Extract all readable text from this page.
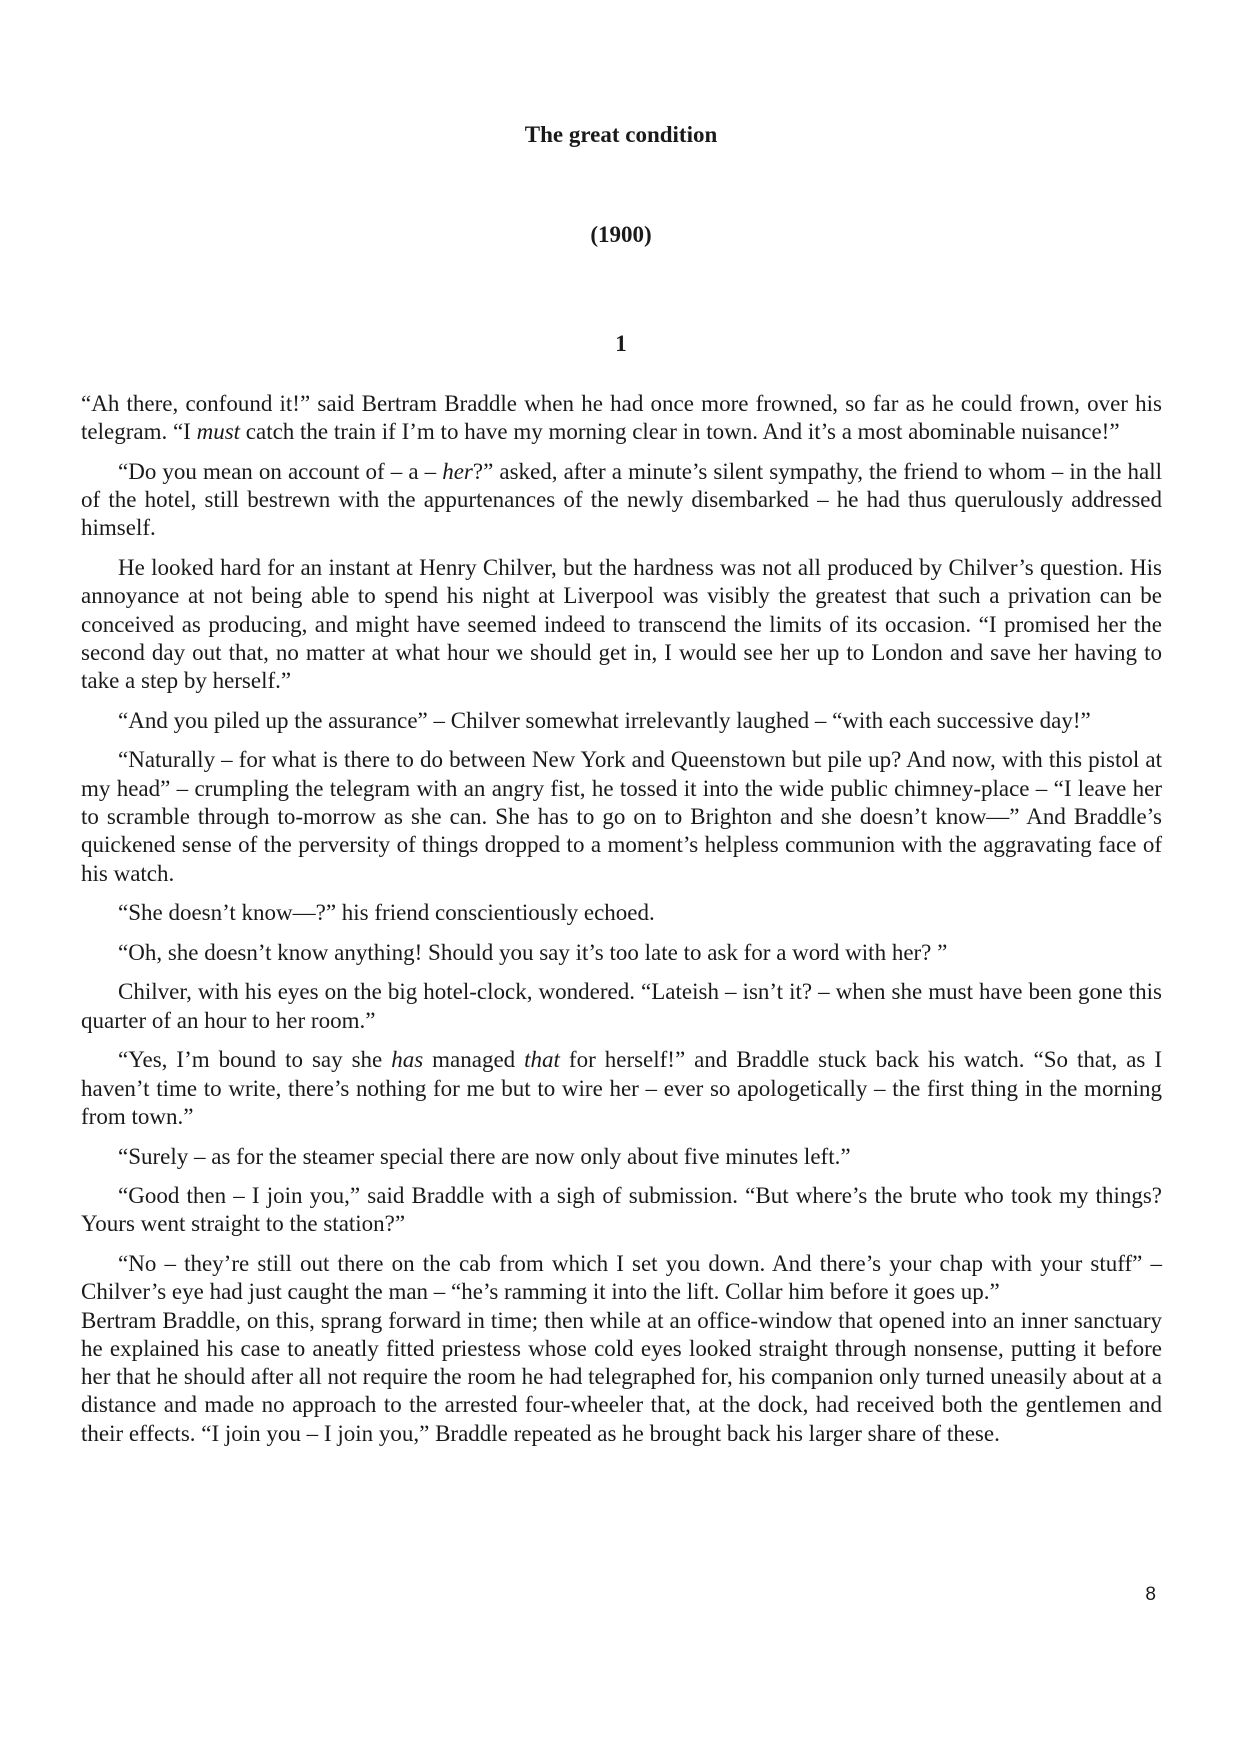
The great condition
(1900)
1

“Ah there, confound it!” said Bertram Braddle when he had once more frowned, so far as he could frown, over his telegram. “I must catch the train if I’m to have my morning clear in town. And it’s a most abominable nuisance!”

“Do you mean on account of – a – her?” asked, after a minute’s silent sympathy, the friend to whom – in the hall of the hotel, still bestrewn with the appurtenances of the newly disembarked – he had thus querulously addressed himself.

He looked hard for an instant at Henry Chilver, but the hardness was not all produced by Chilver’s question. His annoyance at not being able to spend his night at Liverpool was visibly the greatest that such a privation can be conceived as producing, and might have seemed indeed to transcend the limits of its occasion. “I promised her the second day out that, no matter at what hour we should get in, I would see her up to London and save her having to take a step by herself.”

“And you piled up the assurance” – Chilver somewhat irrelevantly laughed – “with each successive day!”

“Naturally – for what is there to do between New York and Queenstown but pile up? And now, with this pistol at my head” – crumpling the telegram with an angry fist, he tossed it into the wide public chimney-place – “I leave her to scramble through to-morrow as she can. She has to go on to Brighton and she doesn’t know—” And Braddle’s quickened sense of the perversity of things dropped to a moment’s helpless communion with the aggravating face of his watch.

“She doesn’t know—?” his friend conscientiously echoed.

“Oh, she doesn’t know anything! Should you say it’s too late to ask for a word with her? ”

Chilver, with his eyes on the big hotel-clock, wondered. “Lateish – isn’t it? – when she must have been gone this quarter of an hour to her room.”

“Yes, I’m bound to say she has managed that for herself!” and Braddle stuck back his watch. “So that, as I haven’t time to write, there’s nothing for me but to wire her – ever so apologetically – the first thing in the morning from town.”

“Surely – as for the steamer special there are now only about five minutes left.”

“Good then – I join you,” said Braddle with a sigh of submission. “But where’s the brute who took my things? Yours went straight to the station?”

“No – they’re still out there on the cab from which I set you down. And there’s your chap with your stuff” – Chilver’s eye had just caught the man – “he’s ramming it into the lift. Collar him before it goes up.”

Bertram Braddle, on this, sprang forward in time; then while at an office-window that opened into an inner sanctuary he explained his case to aneatly fitted priestess whose cold eyes looked straight through nonsense, putting it before her that he should after all not require the room he had telegraphed for, his companion only turned uneasily about at a distance and made no approach to the arrested four-wheeler that, at the dock, had received both the gentlemen and their effects. “I join you – I join you,” Braddle repeated as he brought back his larger share of these.

8
